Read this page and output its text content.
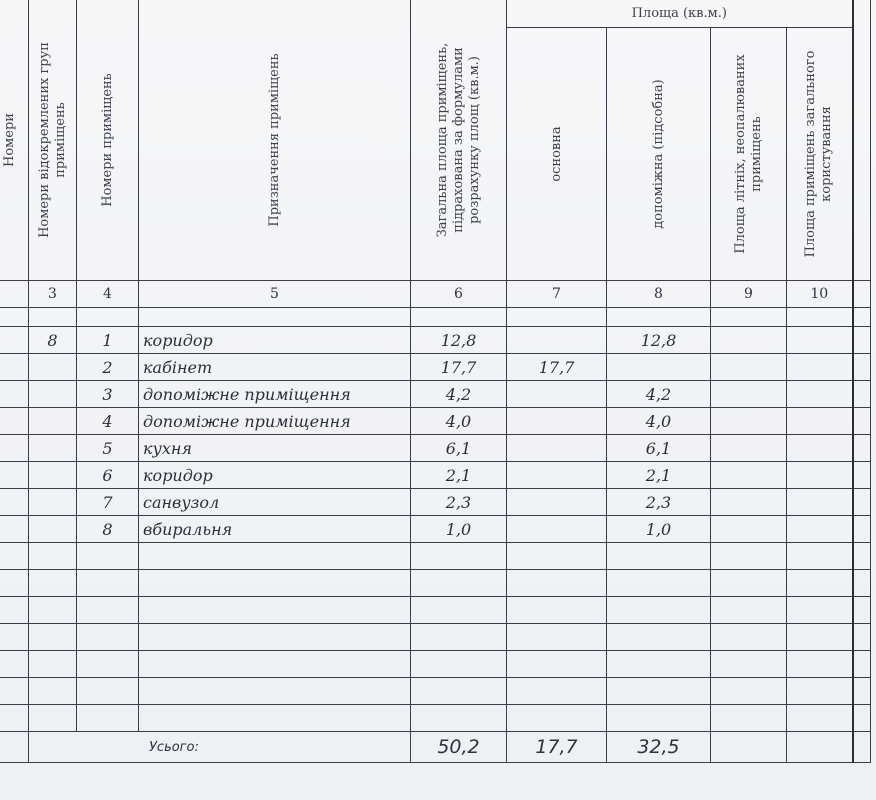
Номери	Номери відокремлених груп приміщень	Номери приміщень	Призначення приміщень	Загальна площа приміщень, підрахована за формулами розрахунку площ (кв.м.)	Площа (кв.м.)				

					основна	допоміжна (підсобна)	Площа літніх, неопалюваних приміщень	Площа приміщень загального користування	

	3	4	5	6	7	8	9	10	

	8	1	коридор	12,8		12,8			
		2	кабінет	17,7	17,7				
		3	допоміжне приміщення	4,2		4,2			
		4	допоміжне приміщення	4,0		4,0			
		5	кухня	6,1		6,1			
		6	коридор	2,1		2,1			
		7	санвузол	2,3		2,3			
		8	вбиральня	1,0		1,0			

	Усього:			50,2	17,7	32,5			
